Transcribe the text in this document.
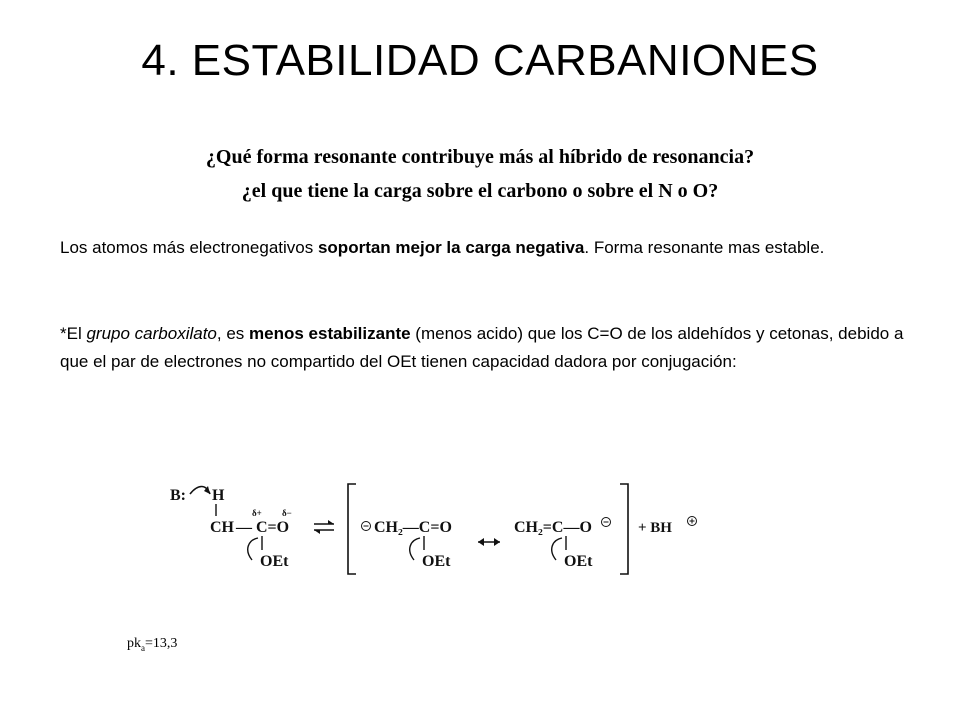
4. ESTABILIDAD CARBANIONES
¿Qué forma resonante contribuye más al híbrido de resonancia?
¿el que tiene la carga sobre el carbono o sobre el N o O?
Los atomos más electronegativos soportan mejor la carga negativa. Forma resonante mas estable.
*El grupo carboxilato, es menos estabilizante (menos acido) que los C=O de los aldehídos y cetonas, debido a que el par de electrones no compartido del OEt tienen capacidad dadora por conjugación:
B: H
CH — C=O
δ+ δ−
OEt
CH₂—C=O
OEt
CH₂=C—O
OEt
+ BH
$pk_a=13,3$
